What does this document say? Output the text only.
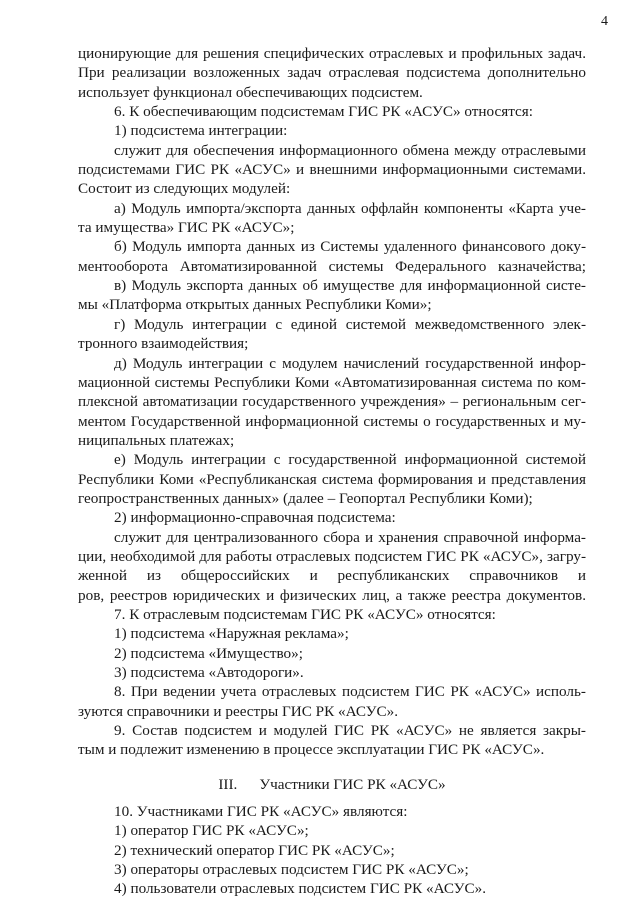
4
ционирующие для решения специфических отраслевых и профильных задач.
При реализации возложенных задач отраслевая подсистема дополнительно
использует функционал обеспечивающих подсистем.
6. К обеспечивающим подсистемам ГИС РК «АСУС» относятся:
1) подсистема интеграции:
служит для обеспечения информационного обмена между отраслевыми
подсистемами ГИС РК «АСУС» и внешними информационными системами.
Состоит из следующих модулей:
а) Модуль импорта/экспорта данных оффлайн компоненты «Карта уче-
та имущества» ГИС РК «АСУС»;
б) Модуль импорта данных из Системы удаленного финансового доку-
ментооборота Автоматизированной системы Федерального казначейства;
в) Модуль экспорта данных об имуществе для информационной систе-
мы «Платформа открытых данных Республики Коми»;
г) Модуль интеграции с единой системой межведомственного элек-
тронного взаимодействия;
д) Модуль интеграции с модулем начислений государственной инфор-
мационной системы Республики Коми «Автоматизированная система по ком-
плексной автоматизации государственного учреждения» – региональным сег-
ментом Государственной информационной системы о государственных и му-
ниципальных платежах;
е) Модуль интеграции с государственной информационной системой
Республики Коми «Республиканская система формирования и представления
геопространственных данных» (далее – Геопортал Республики Коми);
2) информационно-справочная подсистема:
служит для централизованного сбора и хранения справочной информа-
ции, необходимой для работы отраслевых подсистем ГИС РК «АСУС», загру-
женной из общероссийских и республиканских справочников и
ров, реестров юридических и физических лиц, а также реестра документов.
7. К отраслевым подсистемам ГИС РК «АСУС» относятся:
1) подсистема «Наружная реклама»;
2) подсистема «Имущество»;
3) подсистема «Автодороги».
8. При ведении учета отраслевых подсистем ГИС РК «АСУС» исполь-
зуются справочники и реестры ГИС РК «АСУС».
9. Состав подсистем и модулей ГИС РК «АСУС» не является закры-
тым и подлежит изменению в процессе эксплуатации ГИС РК «АСУС».
III. Участники ГИС РК «АСУС»
10. Участниками ГИС РК «АСУС» являются:
1) оператор ГИС РК «АСУС»;
2) технический оператор ГИС РК «АСУС»;
3) операторы отраслевых подсистем ГИС РК «АСУС»;
4) пользователи отраслевых подсистем ГИС РК «АСУС».
